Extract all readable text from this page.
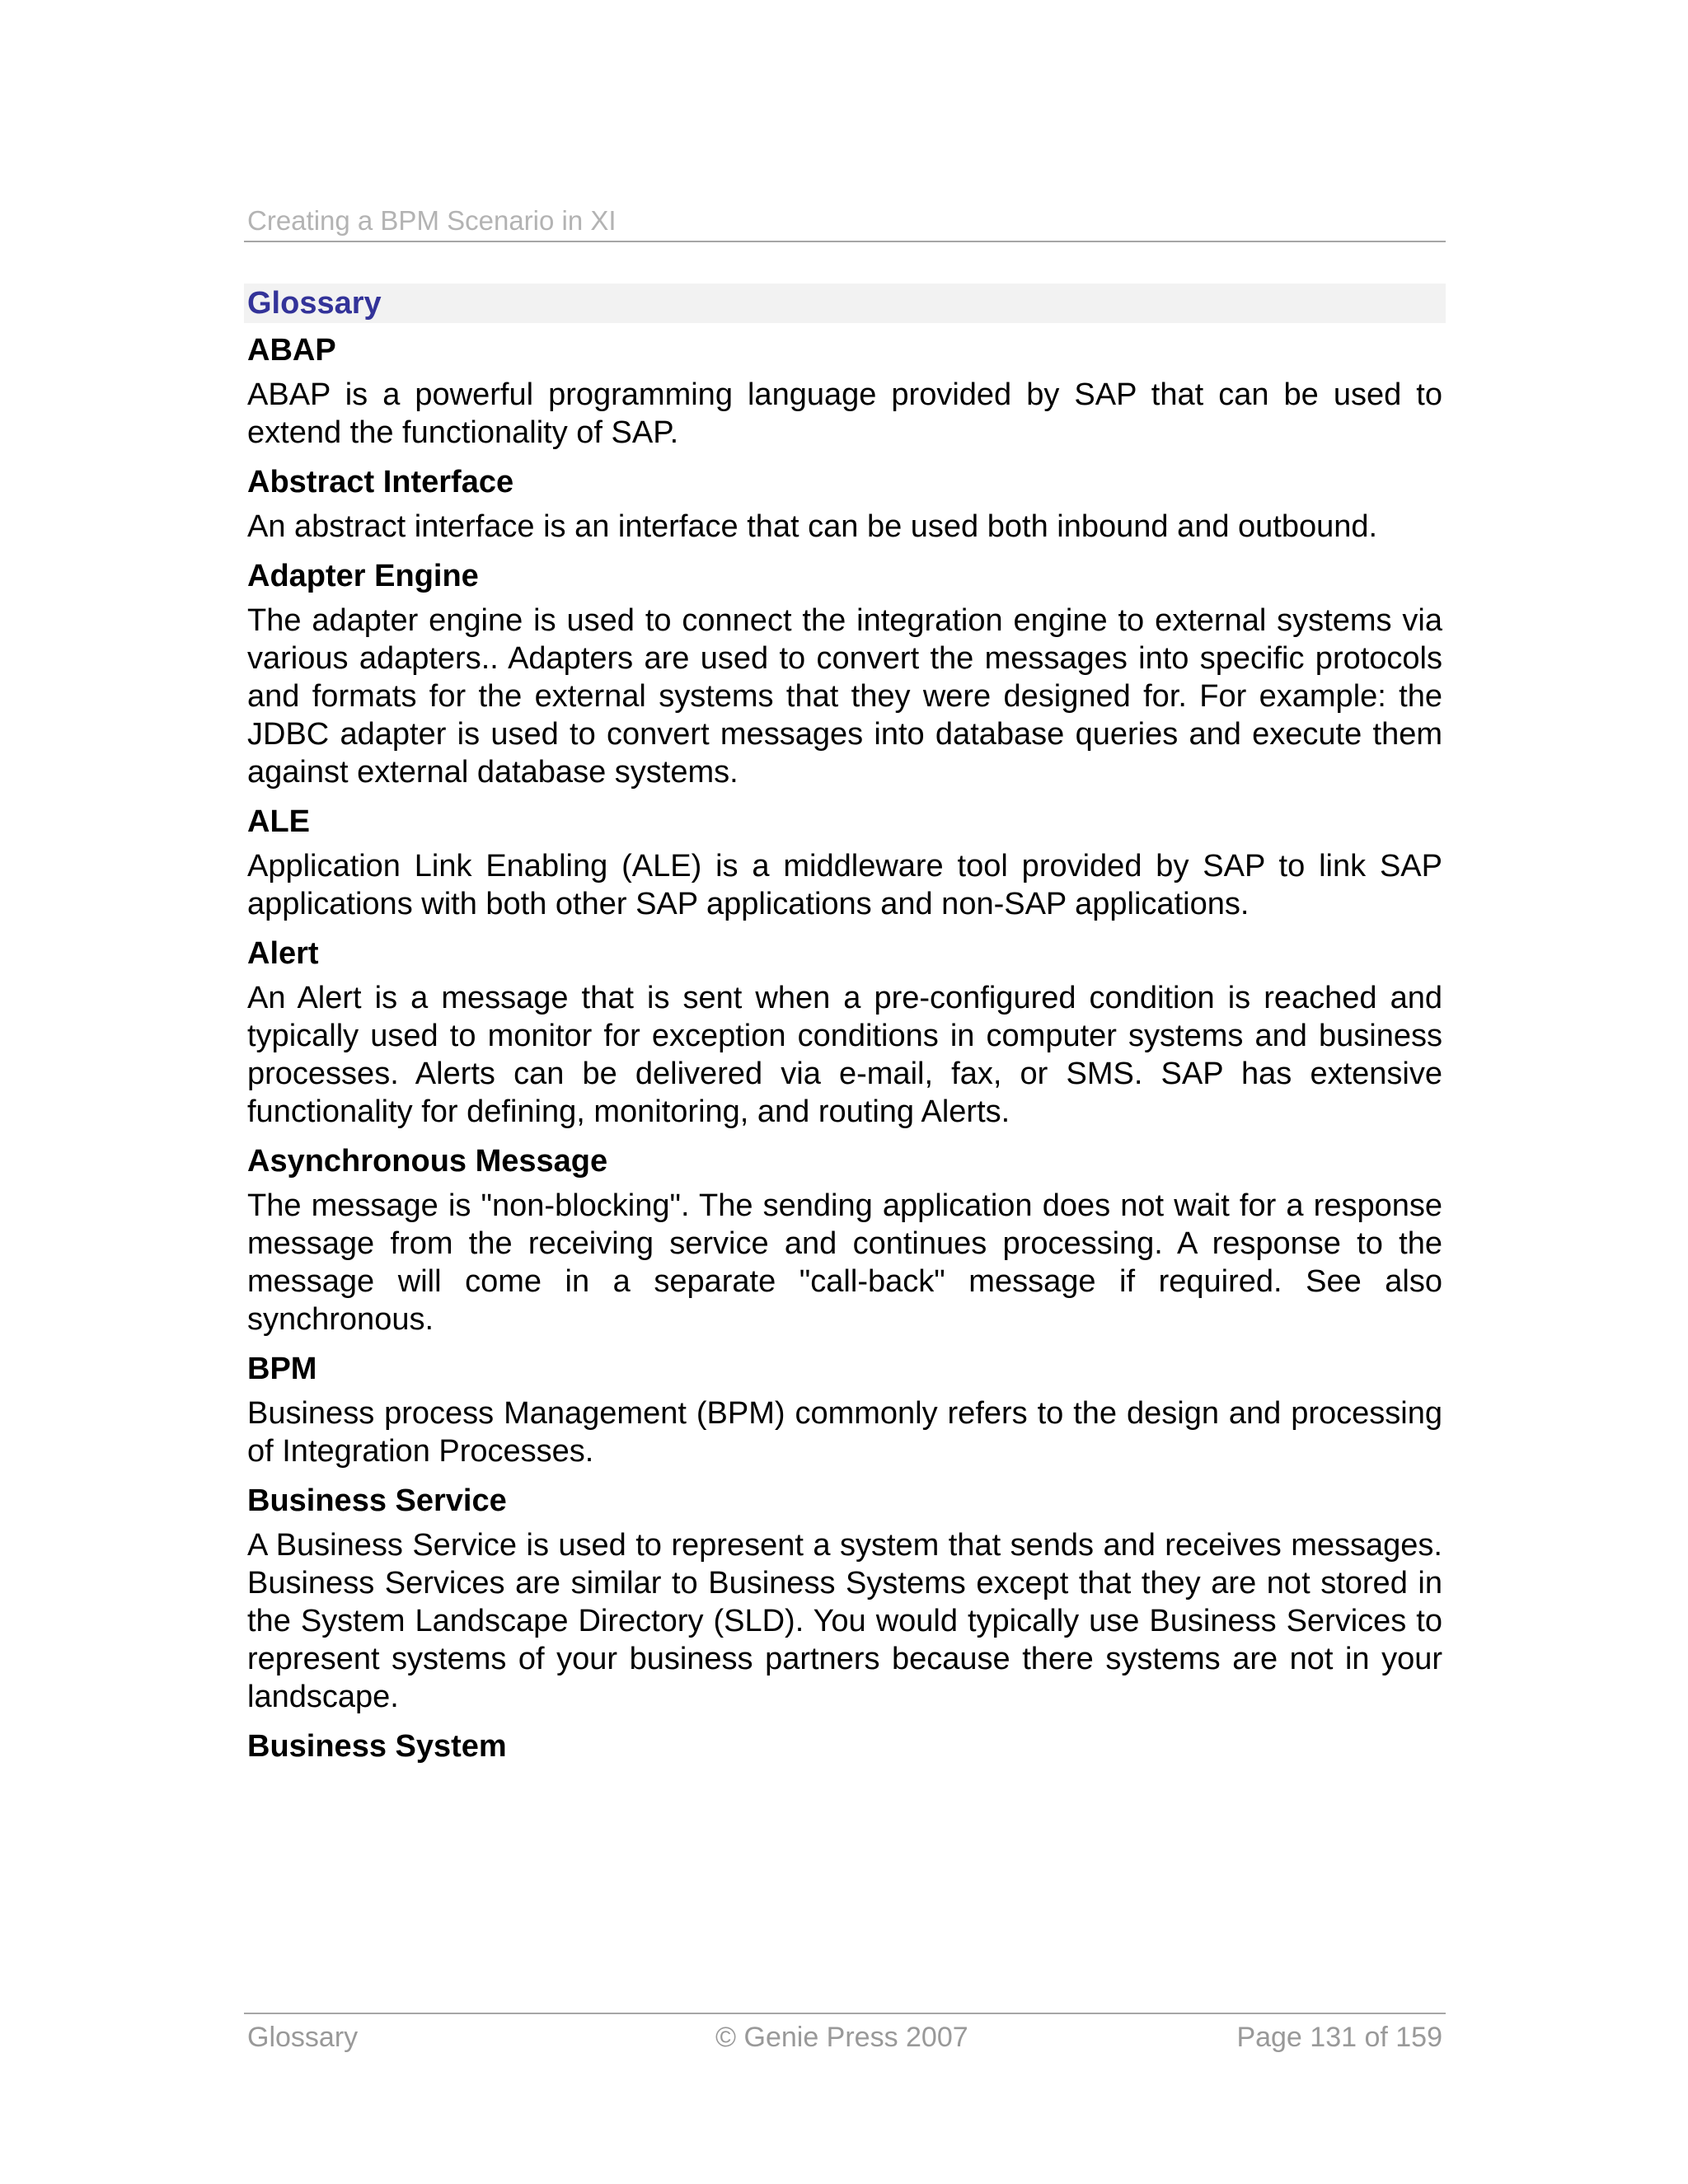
Creating a BPM Scenario in XI
Glossary

ABAP

ABAP is a powerful programming language provided by SAP that can be used to extend the functionality of SAP.

Abstract Interface

An abstract interface is an interface that can be used both inbound and outbound.

Adapter Engine

The adapter engine is used to connect the integration engine to external systems via various adapters.. Adapters are used to convert the messages into specific protocols and formats for the external systems that they were designed for. For example: the JDBC adapter is used to convert messages into database queries and execute them against external database systems.

ALE

Application Link Enabling (ALE) is a middleware tool provided by SAP to link SAP applications with both other SAP applications and non-SAP applications.

Alert

An Alert is a message that is sent when a pre-configured condition is reached and typically used to monitor for exception conditions in computer systems and business processes. Alerts can be delivered via e-mail, fax, or SMS. SAP has extensive functionality for defining, monitoring, and routing Alerts.

Asynchronous Message

The message is "non-blocking". The sending application does not wait for a response message from the receiving service and continues processing. A response to the message will come in a separate "call-back" message if required. See also synchronous.

BPM

Business process Management (BPM) commonly refers to the design and processing of Integration Processes.

Business Service

A Business Service is used to represent a system that sends and receives messages. Business Services are similar to Business Systems except that they are not stored in the System Landscape Directory (SLD). You would typically use Business Services to represent systems of your business partners because there systems are not in your landscape.

Business System

Glossary	© Genie Press 2007	Page 131 of 159
